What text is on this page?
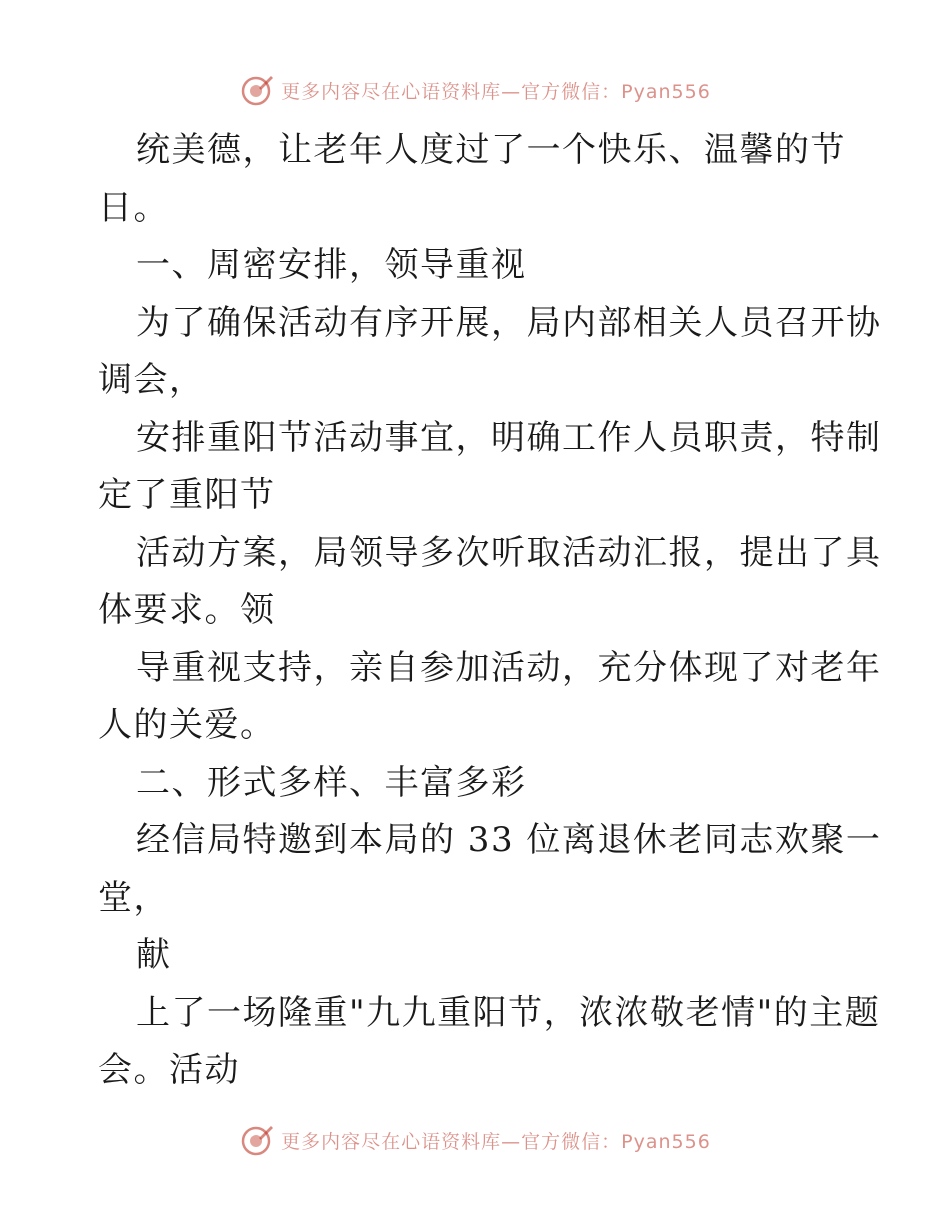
更多内容尽在心语资料库—官方微信：Pyan556
统美德，让老年人度过了一个快乐、温馨的节
日。
一、周密安排，领导重视
为了确保活动有序开展，局内部相关人员召开协
调会，
安排重阳节活动事宜，明确工作人员职责，特制
定了重阳节
活动方案，局领导多次听取活动汇报，提出了具
体要求。领
导重视支持，亲自参加活动，充分体现了对老年
人的关爱。
二、形式多样、丰富多彩
经信局特邀到本局的 33 位离退休老同志欢聚一
堂，
献
上了一场隆重"九九重阳节，浓浓敬老情"的主题
会。活动
更多内容尽在心语资料库—官方微信：Pyan556
